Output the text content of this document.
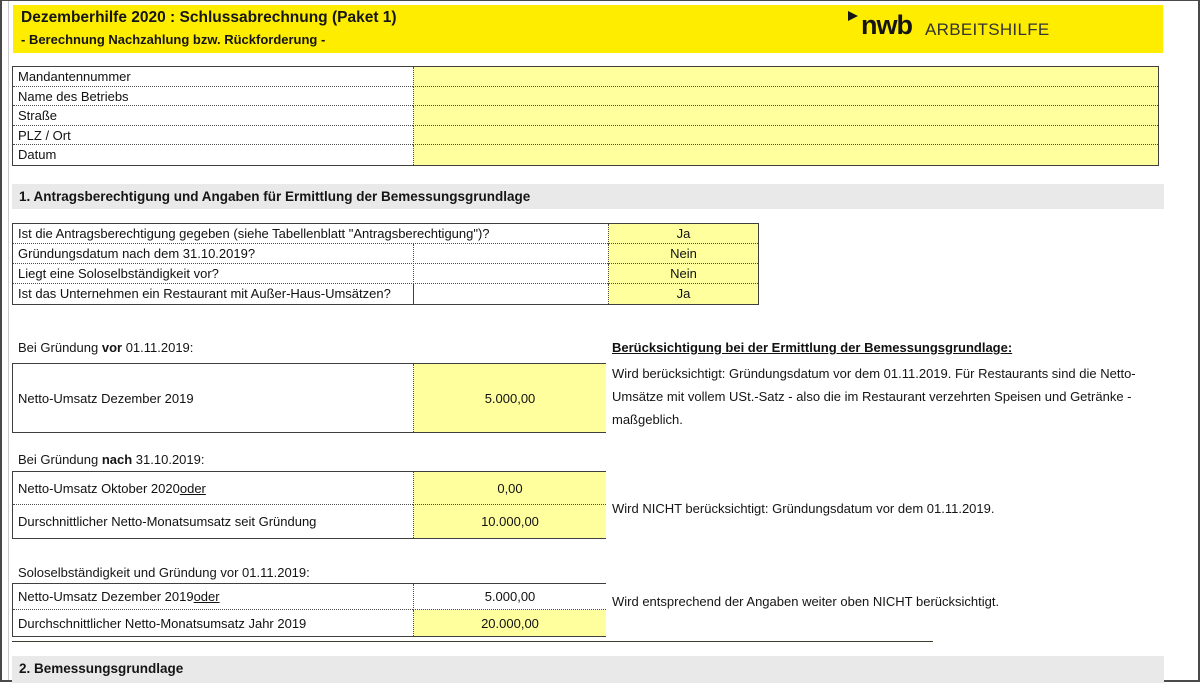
Dezemberhilfe 2020 : Schlussabrechnung (Paket 1)
- Berechnung Nachzahlung bzw. Rückforderung -	nwb ARBEITSHILFE
Mandantennummer
Name des Betriebs
Straße
PLZ / Ort
Datum
1. Antragsberechtigung und Angaben für Ermittlung der Bemessungsgrundlage
Ist die Antragsberechtigung gegeben (siehe Tabellenblatt "Antragsberechtigung")?	Ja
Gründungsdatum nach dem 31.10.2019?	Nein
Liegt eine Soloselbständigkeit vor?	Nein
Ist das Unternehmen ein Restaurant mit Außer-Haus-Umsätzen?	Ja
Bei Gründung vor 01.11.2019:
Netto-Umsatz Dezember 2019	5.000,00
Berücksichtigung bei der Ermittlung der Bemessungsgrundlage:
Wird berücksichtigt: Gründungsdatum vor dem 01.11.2019. Für Restaurants sind die Netto-Umsätze mit vollem USt.-Satz - also die im Restaurant verzehrten Speisen und Getränke - maßgeblich.
Bei Gründung nach 31.10.2019:
Netto-Umsatz Oktober 2020 oder	0,00
Durschnittlicher Netto-Monatsumsatz seit Gründung	10.000,00
Wird NICHT berücksichtigt: Gründungsdatum vor dem 01.11.2019.
Soloselbständigkeit und Gründung vor 01.11.2019:
Netto-Umsatz Dezember 2019 oder	5.000,00
Durchschnittlicher Netto-Monatsumsatz Jahr 2019	20.000,00
Wird entsprechend der Angaben weiter oben NICHT berücksichtigt.
2. Bemessungsgrundlage
